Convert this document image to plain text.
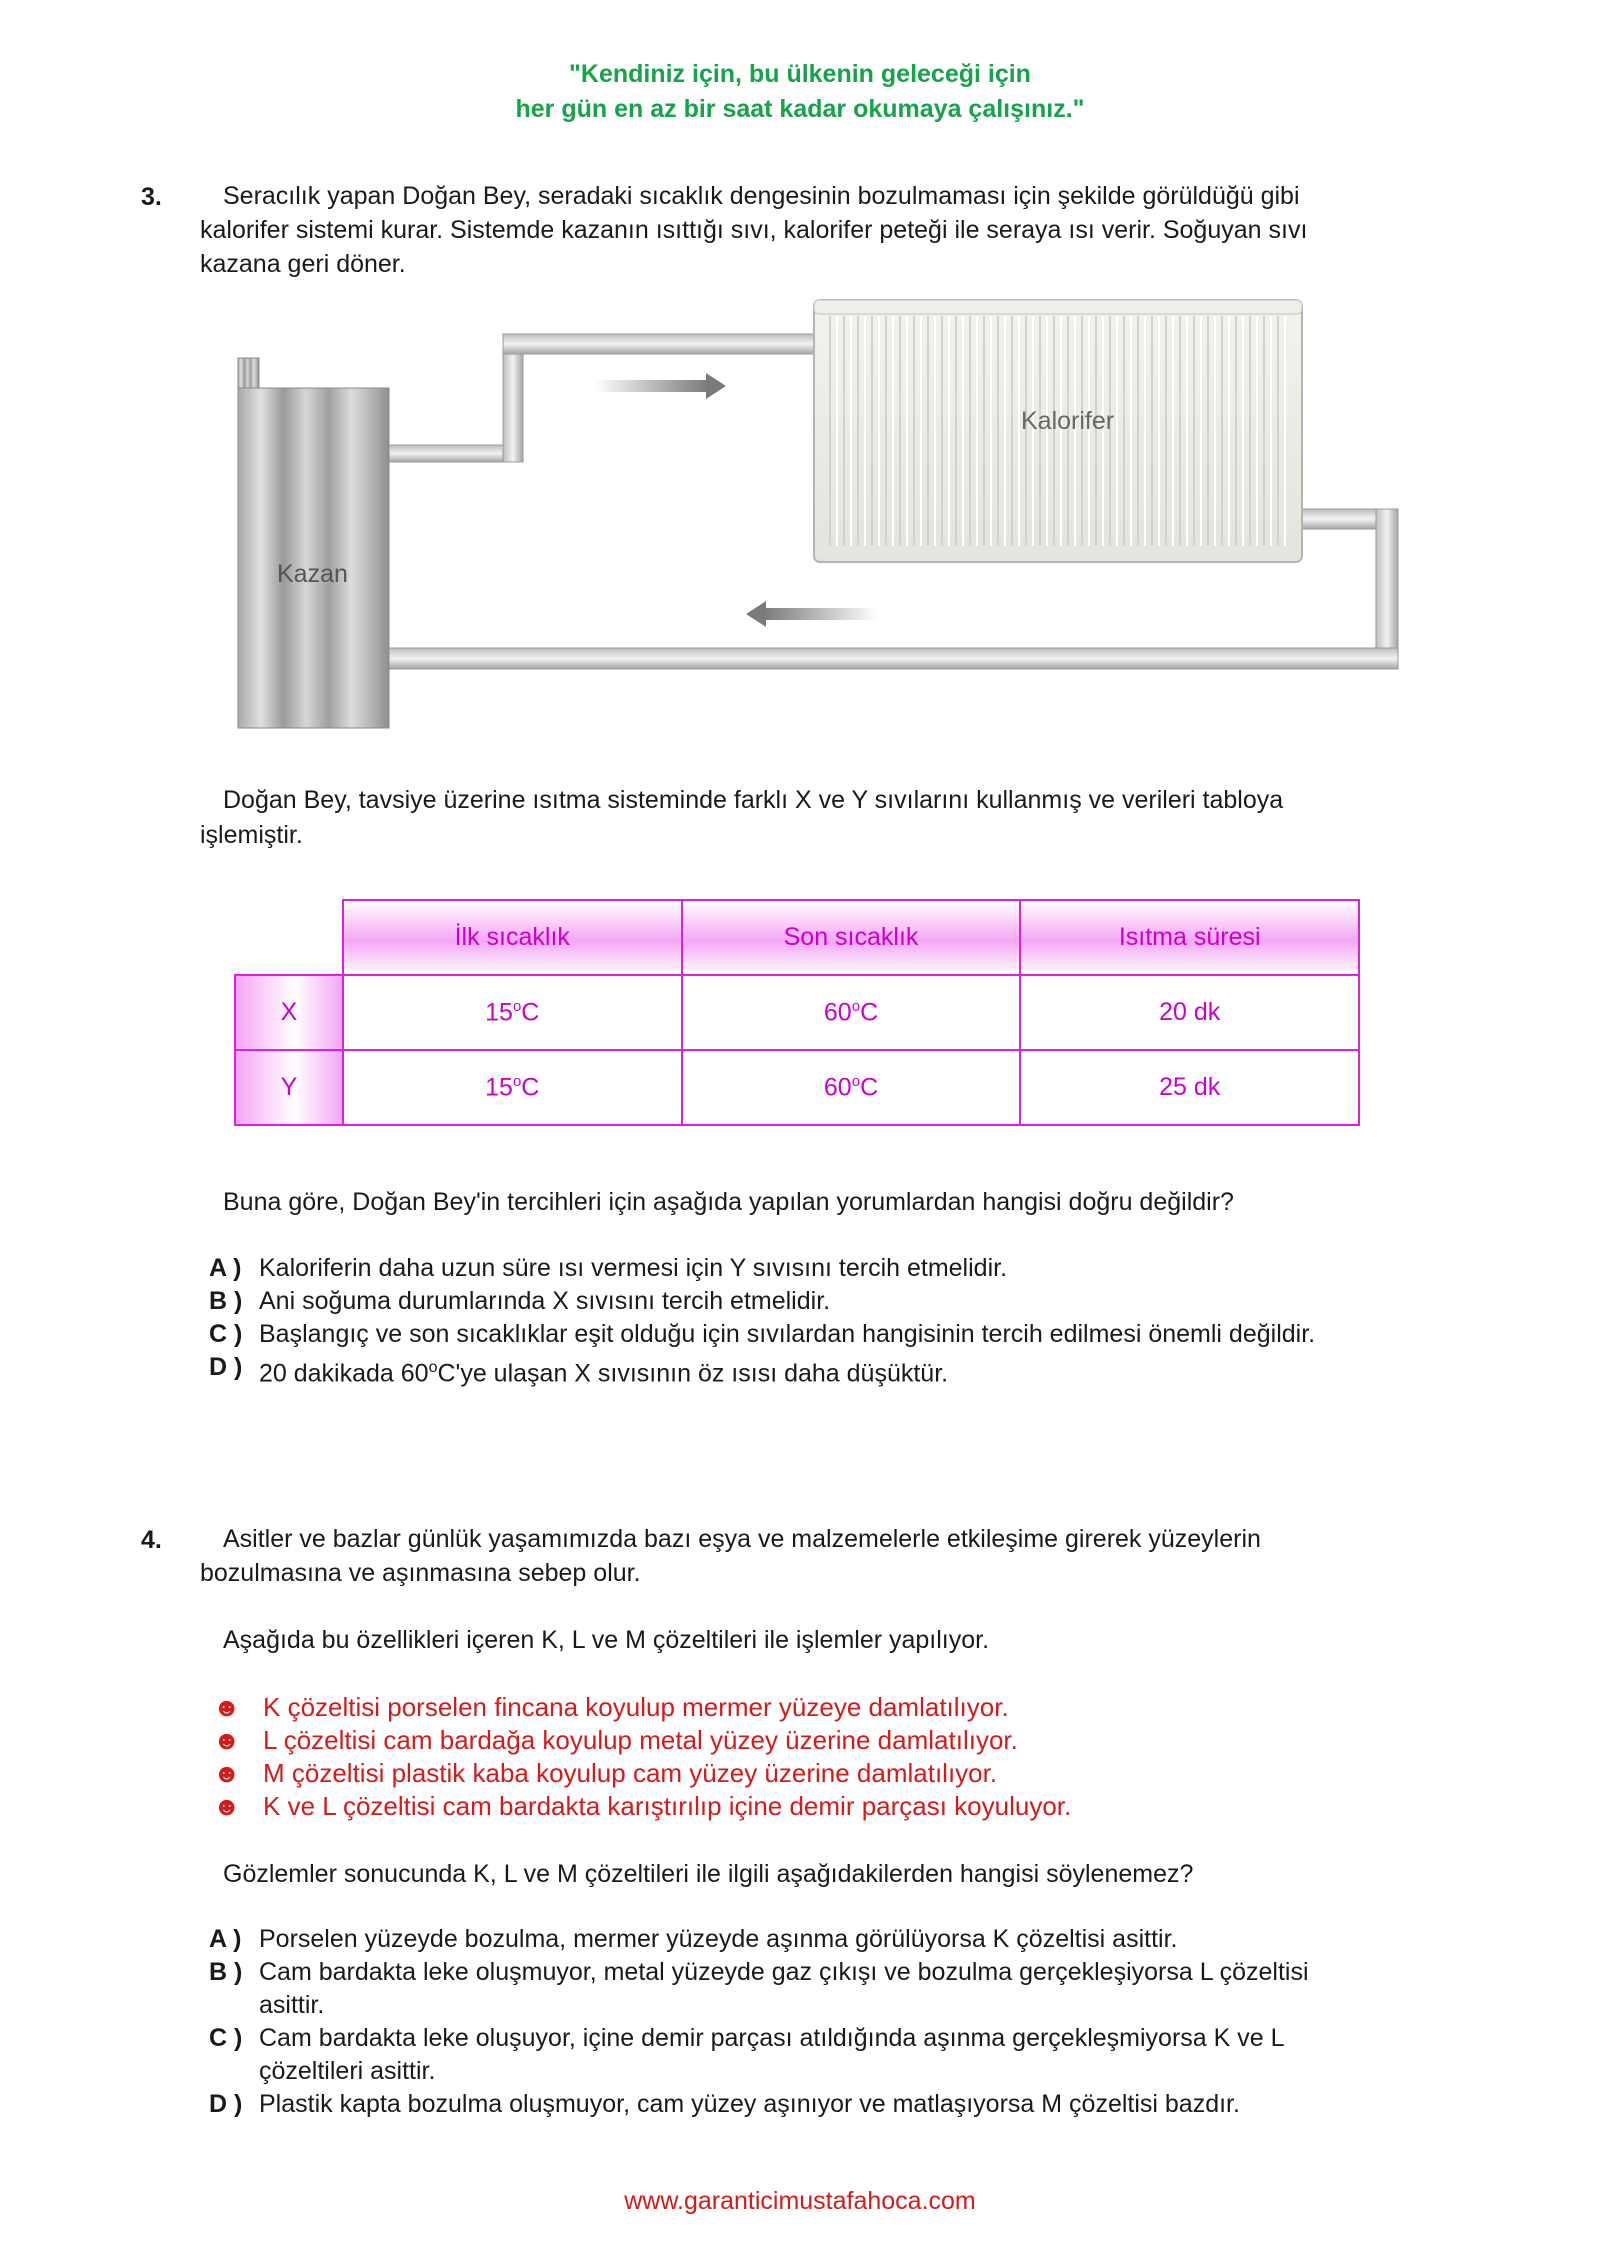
"Kendiniz için, bu ülkenin geleceği için
her gün en az bir saat kadar okumaya çalışınız."
3. Seracılık yapan Doğan Bey, seradaki sıcaklık dengesinin bozulmaması için şekilde görüldüğü gibi
kalorifer sistemi kurar. Sistemde kazanın ısıttığı sıvı, kalorifer peteği ile seraya ısı verir. Soğuyan sıvı
kazana geri döner.
Kazan
Kalorifer
Doğan Bey, tavsiye üzerine ısıtma sisteminde farklı X ve Y sıvılarını kullanmış ve verileri tabloya
işlemiştir.
	İlk sıcaklık	Son sıcaklık	Isıtma süresi
X	15$^o$C	60$^o$C	20 dk
Y	15$^o$C	60$^o$C	25 dk
Buna göre, Doğan Bey'in tercihleri için aşağıda yapılan yorumlardan hangisi doğru değildir?
A ) Kaloriferin daha uzun süre ısı vermesi için Y sıvısını tercih etmelidir.
B ) Ani soğuma durumlarında X sıvısını tercih etmelidir.
C ) Başlangıç ve son sıcaklıklar eşit olduğu için sıvılardan hangisinin tercih edilmesi önemli değildir.
D ) 20 dakikada 60$^o$C'ye ulaşan X sıvısının öz ısısı daha düşüktür.
4. Asitler ve bazlar günlük yaşamımızda bazı eşya ve malzemelerle etkileşime girerek yüzeylerin
bozulmasına ve aşınmasına sebep olur.
Aşağıda bu özellikleri içeren K, L ve M çözeltileri ile işlemler yapılıyor.
☻ K çözeltisi porselen fincana koyulup mermer yüzeye damlatılıyor.
☻ L çözeltisi cam bardağa koyulup metal yüzey üzerine damlatılıyor.
☻ M çözeltisi plastik kaba koyulup cam yüzey üzerine damlatılıyor.
☻ K ve L çözeltisi cam bardakta karıştırılıp içine demir parçası koyuluyor.
Gözlemler sonucunda K, L ve M çözeltileri ile ilgili aşağıdakilerden hangisi söylenemez?
A ) Porselen yüzeyde bozulma, mermer yüzeyde aşınma görülüyorsa K çözeltisi asittir.
B ) Cam bardakta leke oluşmuyor, metal yüzeyde gaz çıkışı ve bozulma gerçekleşiyorsa L çözeltisi
asittir.
C ) Cam bardakta leke oluşuyor, içine demir parçası atıldığında aşınma gerçekleşmiyorsa K ve L
çözeltileri asittir.
D ) Plastik kapta bozulma oluşmuyor, cam yüzey aşınıyor ve matlaşıyorsa M çözeltisi bazdır.
www.garanticimustafahoca.com
